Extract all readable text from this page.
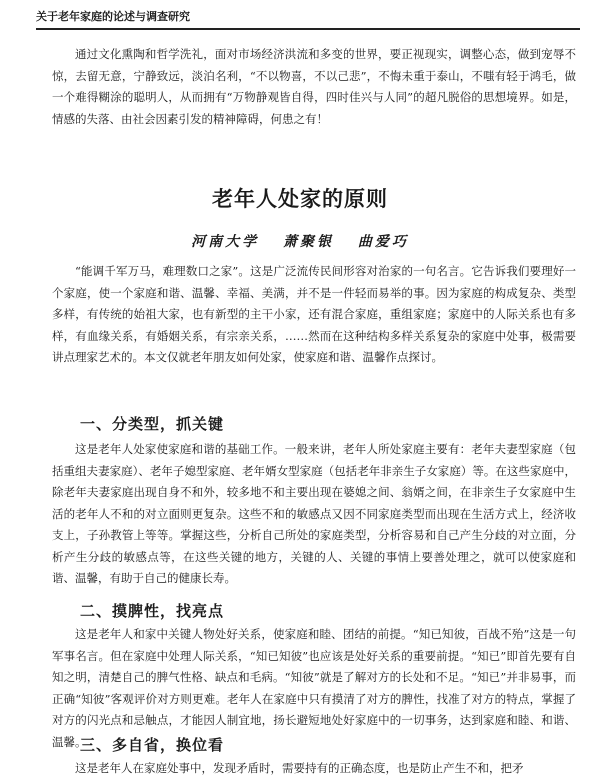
关于老年家庭的论述与调查研究

通过文化熏陶和哲学洗礼，面对市场经济洪流和多变的世界，要正视现实，调整心态，做到宠辱不惊，去留无意，宁静致远，淡泊名利，“不以物喜，不以己悲”，不悔未重于泰山，不嗤有轻于鸿毛，做一个难得糊涂的聪明人，从而拥有“万物静观皆自得，四时佳兴与人同”的超凡脱俗的思想境界。如是，情感的失落、由社会因素引发的精神障碍，何患之有！

老年人处家的原则
河南大学 萧聚银 曲爱巧

“能调千军万马，难理数口之家”。这是广泛流传民间形容对治家的一句名言。它告诉我们要理好一个家庭，使一个家庭和谐、温馨、幸福、美满，并不是一件轻而易举的事。因为家庭的构成复杂、类型多样，有传统的始祖大家，也有新型的主干小家，还有混合家庭，重组家庭；家庭中的人际关系也有多样，有血缘关系，有婚姻关系，有宗亲关系，……然而在这种结构多样关系复杂的家庭中处事，极需要讲点理家艺术的。本文仅就老年朋友如何处家，使家庭和谐、温馨作点探讨。

一、分类型，抓关键

这是老年人处家使家庭和谐的基础工作。一般来讲，老年人所处家庭主要有：老年夫妻型家庭（包括重组夫妻家庭）、老年子媳型家庭、老年婿女型家庭（包括老年非亲生子女家庭）等。在这些家庭中，除老年夫妻家庭出现自身不和外，较多地不和主要出现在婆媳之间、翁婿之间，在非亲生子女家庭中生活的老年人不和的对立面则更复杂。这些不和的敏感点又因不同家庭类型而出现在生活方式上，经济收支上，子孙教管上等等。掌握这些，分析自己所处的家庭类型，分析容易和自己产生分歧的对立面，分析产生分歧的敏感点等，在这些关键的地方，关键的人、关键的事情上要善处理之，就可以使家庭和谐、温馨，有助于自己的健康长寿。

二、摸脾性，找亮点

这是老年人和家中关键人物处好关系，使家庭和睦、团结的前提。“知已知彼，百战不殆”这是一句军事名言。但在家庭中处理人际关系，“知已知彼”也应该是处好关系的重要前提。“知已”即首先要有自知之明，清楚自己的脾气性格、缺点和毛病。“知彼”就是了解对方的长处和不足。“知已”并非易事，而正确“知彼”客观评价对方则更难。老年人在家庭中只有摸清了对方的脾性，找准了对方的特点，掌握了对方的闪光点和忌触点，才能因人制宜地，扬长避短地处好家庭中的一切事务，达到家庭和睦、和谐、温馨。

三、多自省，换位看

这是老年人在家庭处事中，发现矛盾时，需要持有的正确态度，也是防止产生不和，把矛
